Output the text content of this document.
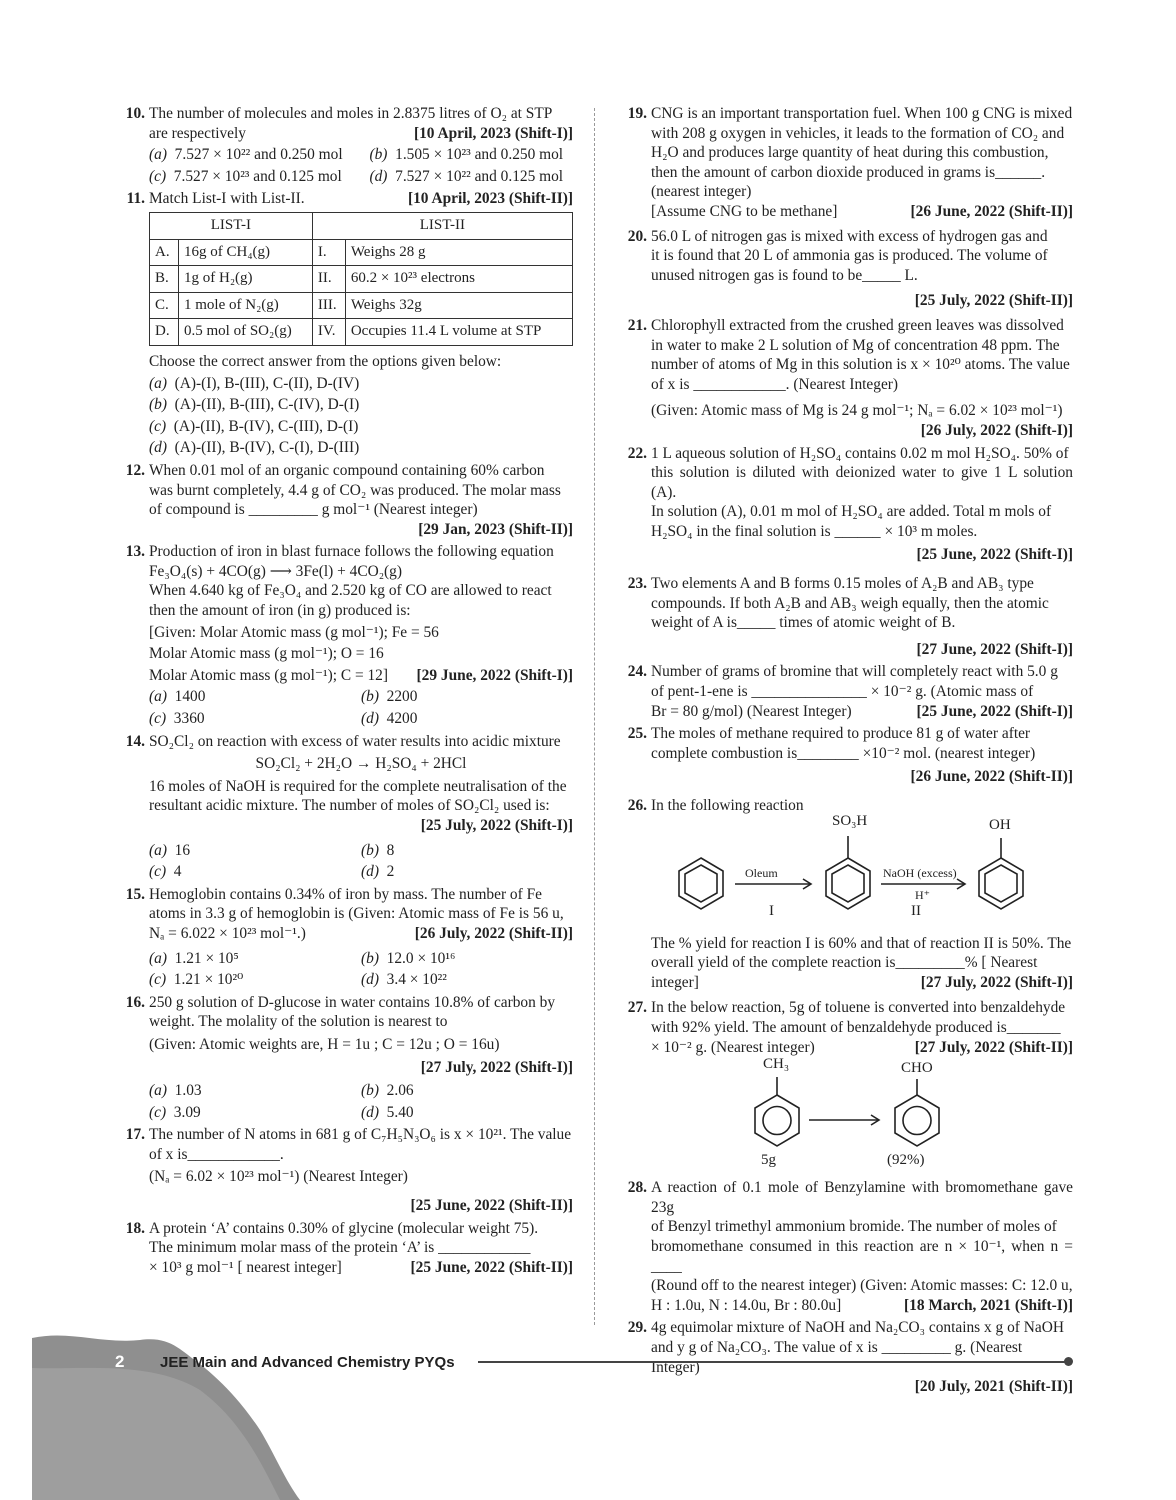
10. The number of molecules and moles in 2.8375 litres of O₂ at STP
are respectively	[10 April, 2023 (Shift-I)]
(a) 7.527 × 10²² and 0.250 mol	(b) 1.505 × 10²³ and 0.250 mol
(c) 7.527 × 10²³ and 0.125 mol	(d) 7.527 × 10²² and 0.125 mol
11. Match List-I with List-II.	[10 April, 2023 (Shift-II)]
LIST-I		LIST-II	
A.	16g of CH₄(g)	I.	Weighs 28 g
B.	1g of H₂(g)	II.	60.2 × 10²³ electrons
C.	1 mole of N₂(g)	III.	Weighs 32g
D.	0.5 mol of SO₂(g)	IV.	Occupies 11.4 L volume at STP
Choose the correct answer from the options given below:
(a) (A)-(I), B-(III), C-(II), D-(IV)
(b) (A)-(II), B-(III), C-(IV), D-(I)
(c) (A)-(II), B-(IV), C-(III), D-(I)
(d) (A)-(II), B-(IV), C-(I), D-(III)
12. When 0.01 mol of an organic compound containing 60% carbon
was burnt completely, 4.4 g of CO₂ was produced. The molar mass
of compound is _________ g mol⁻¹ (Nearest integer)
[29 Jan, 2023 (Shift-II)]
13. Production of iron in blast furnace follows the following equation
Fe₃O₄(s) + 4CO(g) ⟶ 3Fe(l) + 4CO₂(g)
When 4.640 kg of Fe₃O₄ and 2.520 kg of CO are allowed to react
then the amount of iron (in g) produced is:
[Given: Molar Atomic mass (g mol⁻¹); Fe = 56
Molar Atomic mass (g mol⁻¹); O = 16
Molar Atomic mass (g mol⁻¹); C = 12] [29 June, 2022 (Shift-I)]
(a) 1400	(b) 2200
(c) 3360	(d) 4200
14. SO₂Cl₂ on reaction with excess of water results into acidic mixture
SO₂Cl₂ + 2H₂O → H₂SO₄ + 2HCl
16 moles of NaOH is required for the complete neutralisation of the
resultant acidic mixture. The number of moles of SO₂Cl₂ used is:
[25 July, 2022 (Shift-I)]
(a) 16	(b) 8
(c) 4	(d) 2
15. Hemoglobin contains 0.34% of iron by mass. The number of Fe
atoms in 3.3 g of hemoglobin is (Given: Atomic mass of Fe is 56 u,
Nₐ = 6.022 × 10²³ mol⁻¹.)	[26 July, 2022 (Shift-II)]
(a) 1.21 × 10⁵	(b) 12.0 × 10¹⁶
(c) 1.21 × 10²⁰	(d) 3.4 × 10²²
16. 250 g solution of D-glucose in water contains 10.8% of carbon by
weight. The molality of the solution is nearest to
(Given: Atomic weights are, H = 1u ; C = 12u ; O = 16u)
[27 July, 2022 (Shift-I)]
(a) 1.03	(b) 2.06
(c) 3.09	(d) 5.40
17. The number of N atoms in 681 g of C₇H₅N₃O₆ is x × 10²¹. The value
of x is____________.
(Nₐ = 6.02 × 10²³ mol⁻¹) (Nearest Integer)
[25 June, 2022 (Shift-II)]
18. A protein ‘A’ contains 0.30% of glycine (molecular weight 75).
The minimum molar mass of the protein ‘A’ is ____________
× 10³ g mol⁻¹ [ nearest integer]	[25 June, 2022 (Shift-II)]
19. CNG is an important transportation fuel. When 100 g CNG is mixed
with 208 g oxygen in vehicles, it leads to the formation of CO₂ and
H₂O and produces large quantity of heat during this combustion,
then the amount of carbon dioxide produced in grams is______.
(nearest integer)
[Assume CNG to be methane]	[26 June, 2022 (Shift-II)]
20. 56.0 L of nitrogen gas is mixed with excess of hydrogen gas and
it is found that 20 L of ammonia gas is produced. The volume of
unused nitrogen gas is found to be_____ L.
[25 July, 2022 (Shift-II)]
21. Chlorophyll extracted from the crushed green leaves was dissolved
in water to make 2 L solution of Mg of concentration 48 ppm. The
number of atoms of Mg in this solution is x × 10²⁰ atoms. The value
of x is ____________. (Nearest Integer)
(Given: Atomic mass of Mg is 24 g mol⁻¹; Nₐ = 6.02 × 10²³ mol⁻¹)
[26 July, 2022 (Shift-I)]
22. 1 L aqueous solution of H₂SO₄ contains 0.02 m mol H₂SO₄. 50% of
this solution is diluted with deionized water to give 1 L solution (A).
In solution (A), 0.01 m mol of H₂SO₄ are added. Total m mols of
H₂SO₄ in the final solution is ______ × 10³ m moles.
[25 June, 2022 (Shift-I)]
23. Two elements A and B forms 0.15 moles of A₂B and AB₃ type
compounds. If both A₂B and AB₃ weigh equally, then the atomic
weight of A is_____ times of atomic weight of B.
[27 June, 2022 (Shift-I)]
24. Number of grams of bromine that will completely react with 5.0 g
of pent-1-ene is _______________ × 10⁻² g. (Atomic mass of
Br = 80 g/mol) (Nearest Integer)	[25 June, 2022 (Shift-I)]
25. The moles of methane required to produce 81 g of water after
complete combustion is________ ×10⁻² mol. (nearest integer)
[26 June, 2022 (Shift-II)]
26. In the following reaction
SO₃H	OH
Oleum	NaOH (excess)
H⁺
I	II
The % yield for reaction I is 60% and that of reaction II is 50%. The
overall yield of the complete reaction is_________% [ Nearest
integer]	[27 July, 2022 (Shift-I)]
27. In the below reaction, 5g of toluene is converted into benzaldehyde
with 92% yield. The amount of benzaldehyde produced is_______
× 10⁻² g. (Nearest integer)	[27 July, 2022 (Shift-II)]
CH₃	CHO
5g	(92%)
28. A reaction of 0.1 mole of Benzylamine with bromomethane gave 23g
of Benzyl trimethyl ammonium bromide. The number of moles of
bromomethane consumed in this reaction are n × 10⁻¹, when n = ____
(Round off to the nearest integer) (Given: Atomic masses: C: 12.0 u,
H : 1.0u, N : 14.0u, Br : 80.0u]	[18 March, 2021 (Shift-I)]
29. 4g equimolar mixture of NaOH and Na₂CO₃ contains x g of NaOH
and y g of Na₂CO₃. The value of x is _________ g. (Nearest Integer)
[20 July, 2021 (Shift-II)]
2 JEE Main and Advanced Chemistry PYQs
